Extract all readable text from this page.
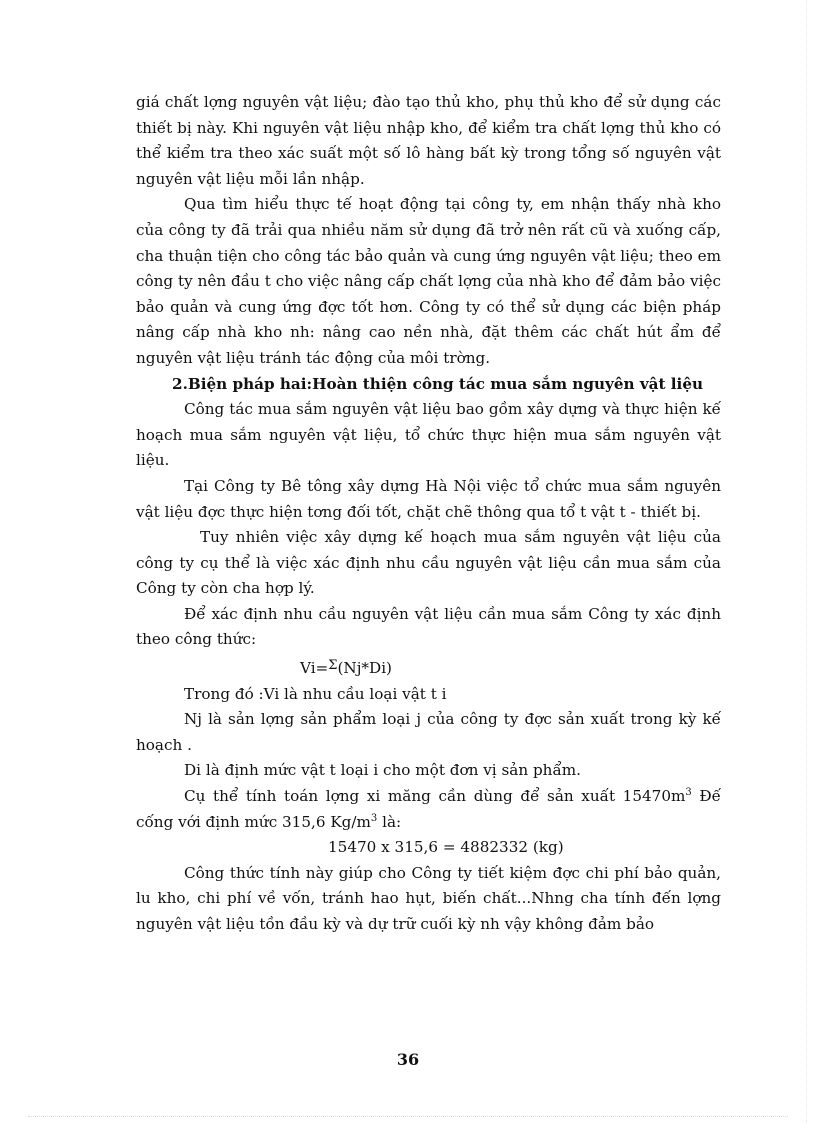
giá chất lợng nguyên vật liệu; đào tạo thủ kho, phụ thủ kho để sử dụng các thiết bị này. Khi nguyên vật liệu nhập kho, để kiểm tra chất lợng thủ kho có thể kiểm tra theo xác suất một số lô hàng bất kỳ trong tổng số nguyên vật nguyên vật liệu mỗi lần nhập.

Qua tìm hiểu thực tế hoạt động tại công ty, em nhận thấy nhà kho của công ty đã trải qua nhiều năm sử dụng đã trở nên rất cũ và xuống cấp, cha thuận tiện cho công tác bảo quản và cung ứng nguyên vật liệu; theo em công ty nên đầu t cho việc nâng cấp chất lợng của nhà kho để đảm bảo việc bảo quản và cung ứng đợc tốt hơn. Công ty có thể sử dụng các biện pháp nâng cấp nhà kho nh: nâng cao nền nhà, đặt thêm các chất hút ẩm để nguyên vật liệu tránh tác động của môi trờng.

2.Biện pháp hai:Hoàn thiện công tác mua sắm nguyên vật liệu

Công tác mua sắm nguyên vật liệu bao gồm xây dựng và thực hiện kế hoạch mua sắm nguyên vật liệu, tổ chức thực hiện mua sắm nguyên vật liệu.

Tại Công ty Bê tông xây dựng Hà Nội việc tổ chức mua sắm nguyên vật liệu đợc thực hiện tơng đối tốt, chặt chẽ thông qua tổ t vật t - thiết bị.

Tuy nhiên việc xây dựng kế hoạch mua sắm nguyên vật liệu của công ty cụ thể là việc xác định nhu cầu nguyên vật liệu cần mua sắm của Công ty còn cha hợp lý.

Để xác định nhu cầu nguyên vật liệu cần mua sắm Công ty xác định theo công thức:

Vi=Σ(Nj*Di)

Trong đó :Vi là nhu cầu loại vật t i

Nj là sản lợng sản phẩm loại j của công ty đợc sản xuất trong kỳ kế hoạch .

Di là định mức vật t loại i cho một đơn vị sản phẩm.

Cụ thể tính toán lợng xi măng cần dùng để sản xuất $15470m^3$ Đế cống với định mức 315,6 $Kg/m^3$ là:

15470 x 315,6 = 4882332 (kg)

Công thức tính này giúp cho Công ty tiết kiệm đợc chi phí bảo quản, lu kho, chi phí về vốn, tránh hao hụt, biến chất...Nhng cha tính đến lợng nguyên vật liệu tồn đầu kỳ và dự trữ cuối kỳ nh vậy không đảm bảo

36
